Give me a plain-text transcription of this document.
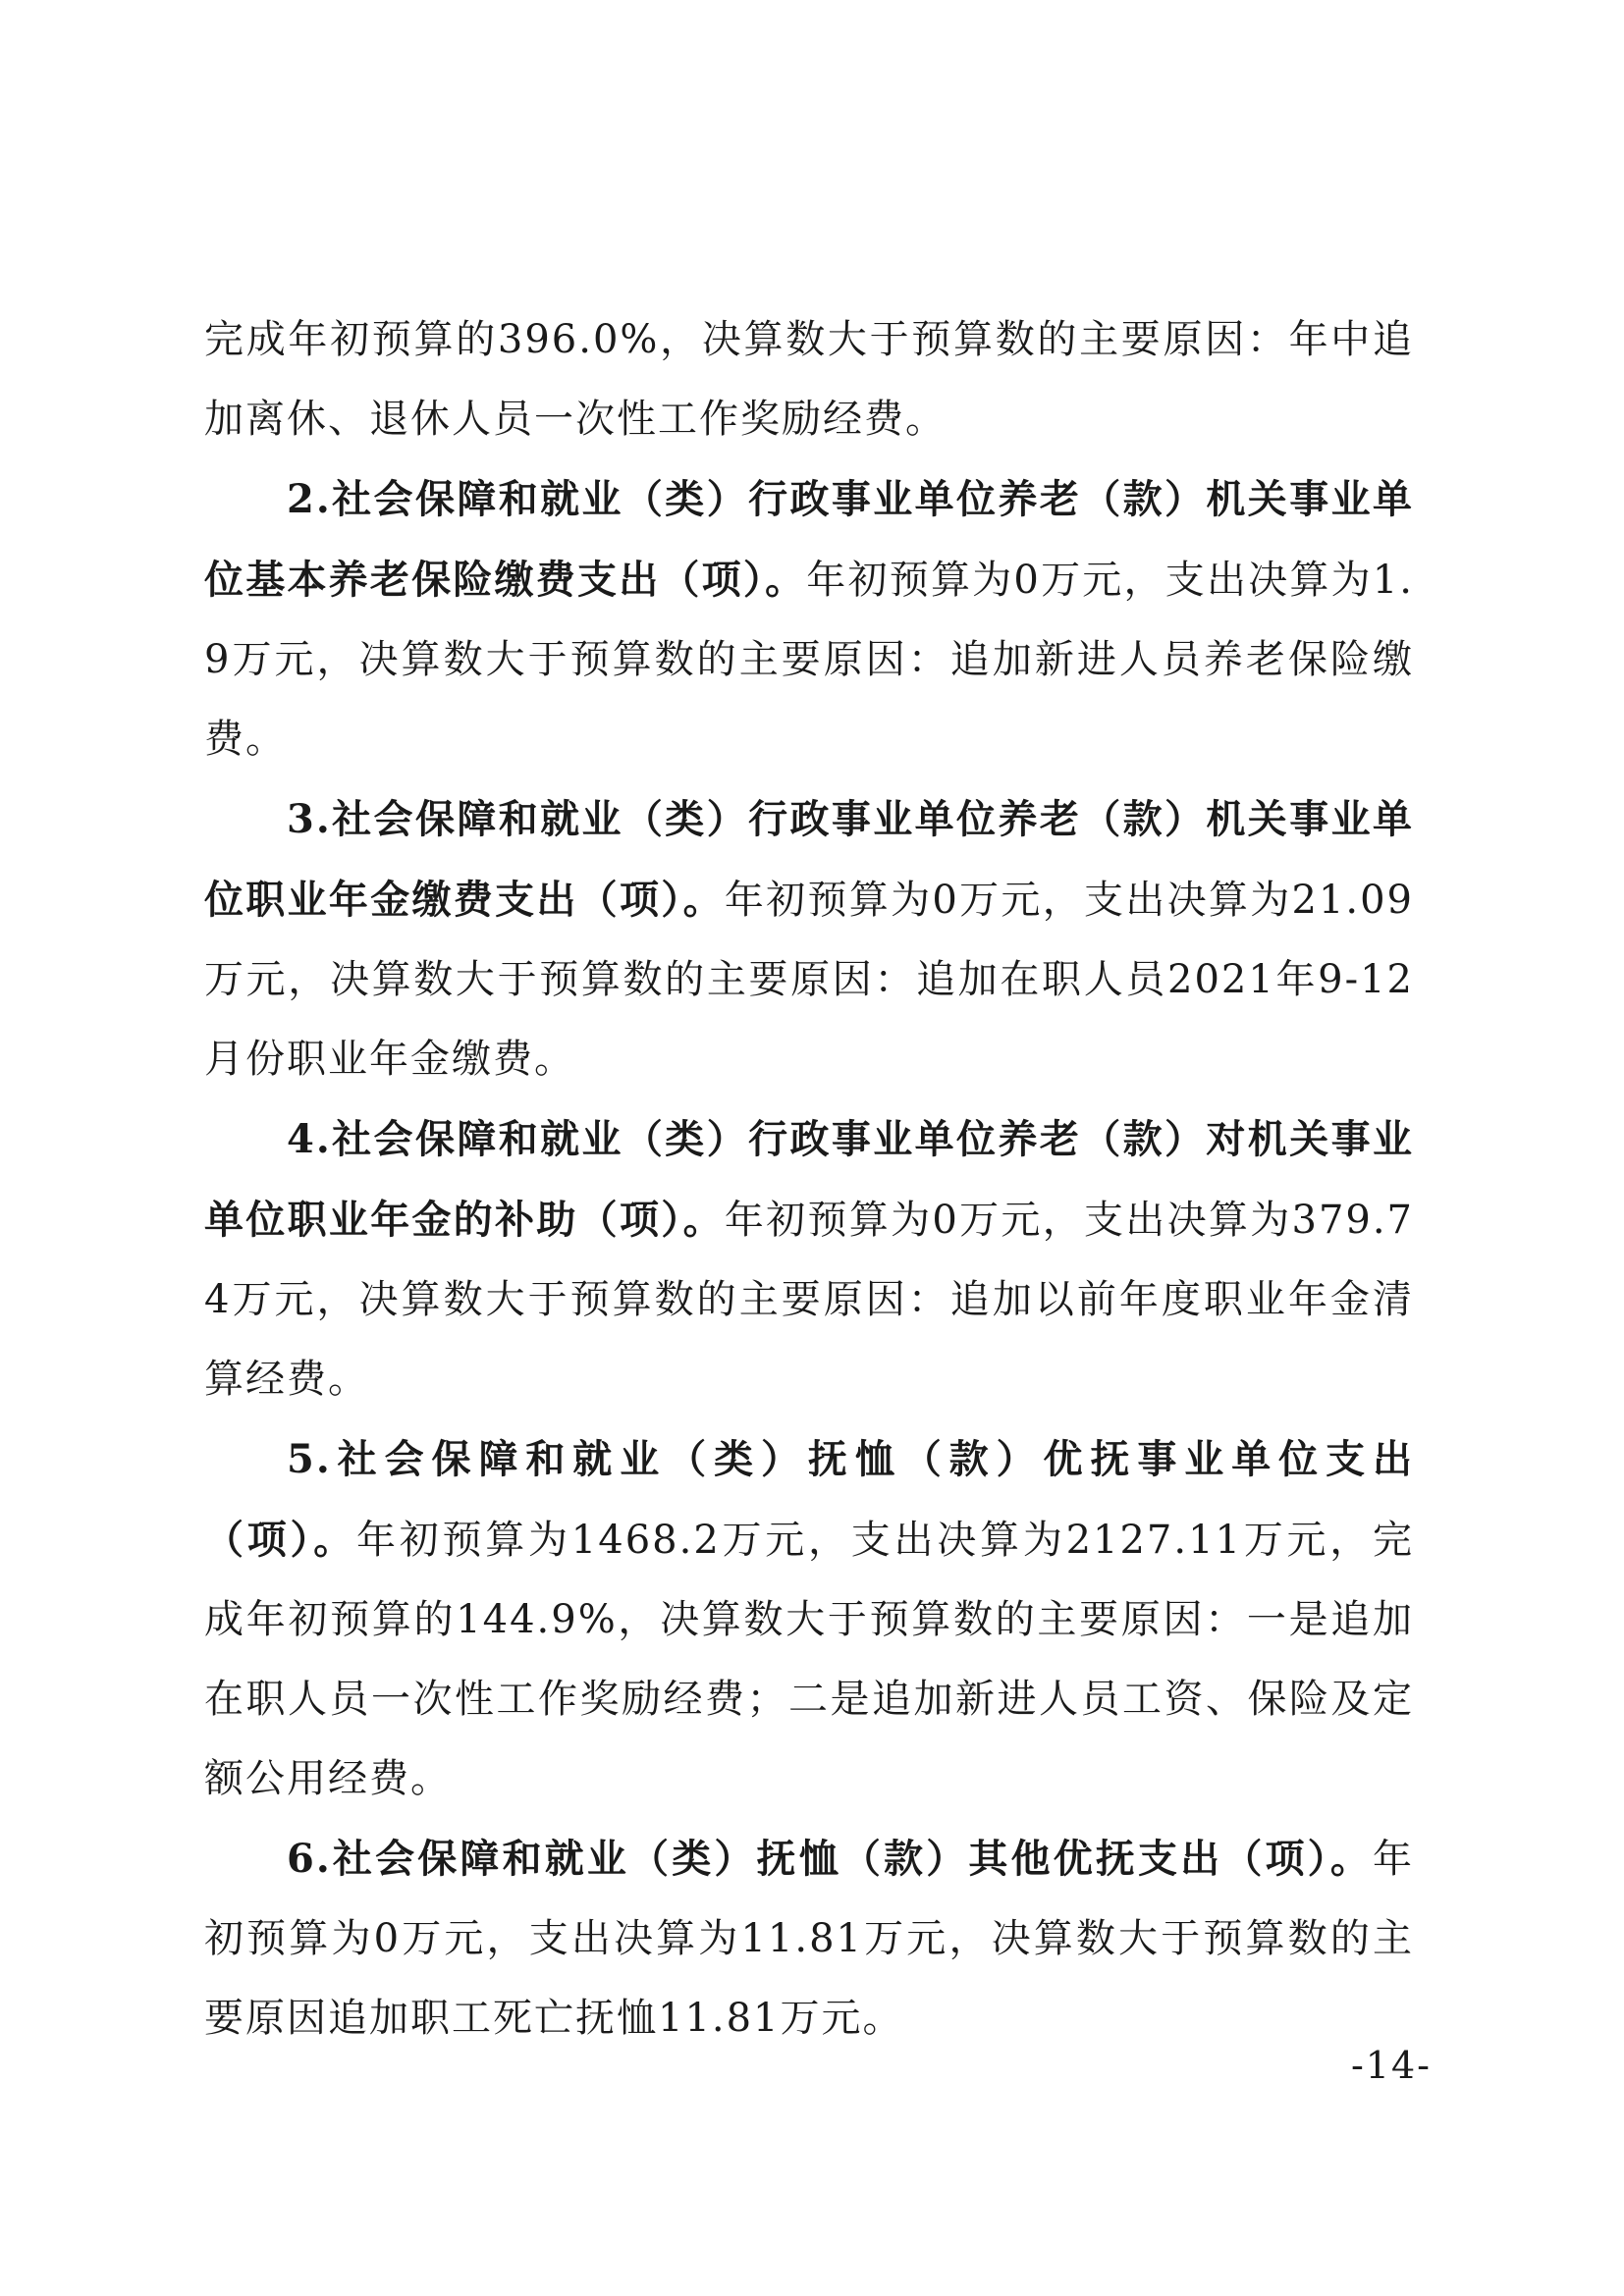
完成年初预算的396.0%，决算数大于预算数的主要原因：年中追加离休、退休人员一次性工作奖励经费。

2.社会保障和就业（类）行政事业单位养老（款）机关事业单位基本养老保险缴费支出（项）。年初预算为0万元，支出决算为1.9万元，决算数大于预算数的主要原因：追加新进人员养老保险缴费。

3.社会保障和就业（类）行政事业单位养老（款）机关事业单位职业年金缴费支出（项）。年初预算为0万元，支出决算为21.09万元，决算数大于预算数的主要原因：追加在职人员2021年9-12月份职业年金缴费。

4.社会保障和就业（类）行政事业单位养老（款）对机关事业单位职业年金的补助（项）。年初预算为0万元，支出决算为379.74万元，决算数大于预算数的主要原因：追加以前年度职业年金清算经费。

5.社会保障和就业（类）抚恤（款）优抚事业单位支出（项）。年初预算为1468.2万元，支出决算为2127.11万元，完成年初预算的144.9%，决算数大于预算数的主要原因：一是追加在职人员一次性工作奖励经费；二是追加新进人员工资、保险及定额公用经费。

6.社会保障和就业（类）抚恤（款）其他优抚支出（项）。年初预算为0万元，支出决算为11.81万元，决算数大于预算数的主要原因追加职工死亡抚恤11.81万元。

-14-
